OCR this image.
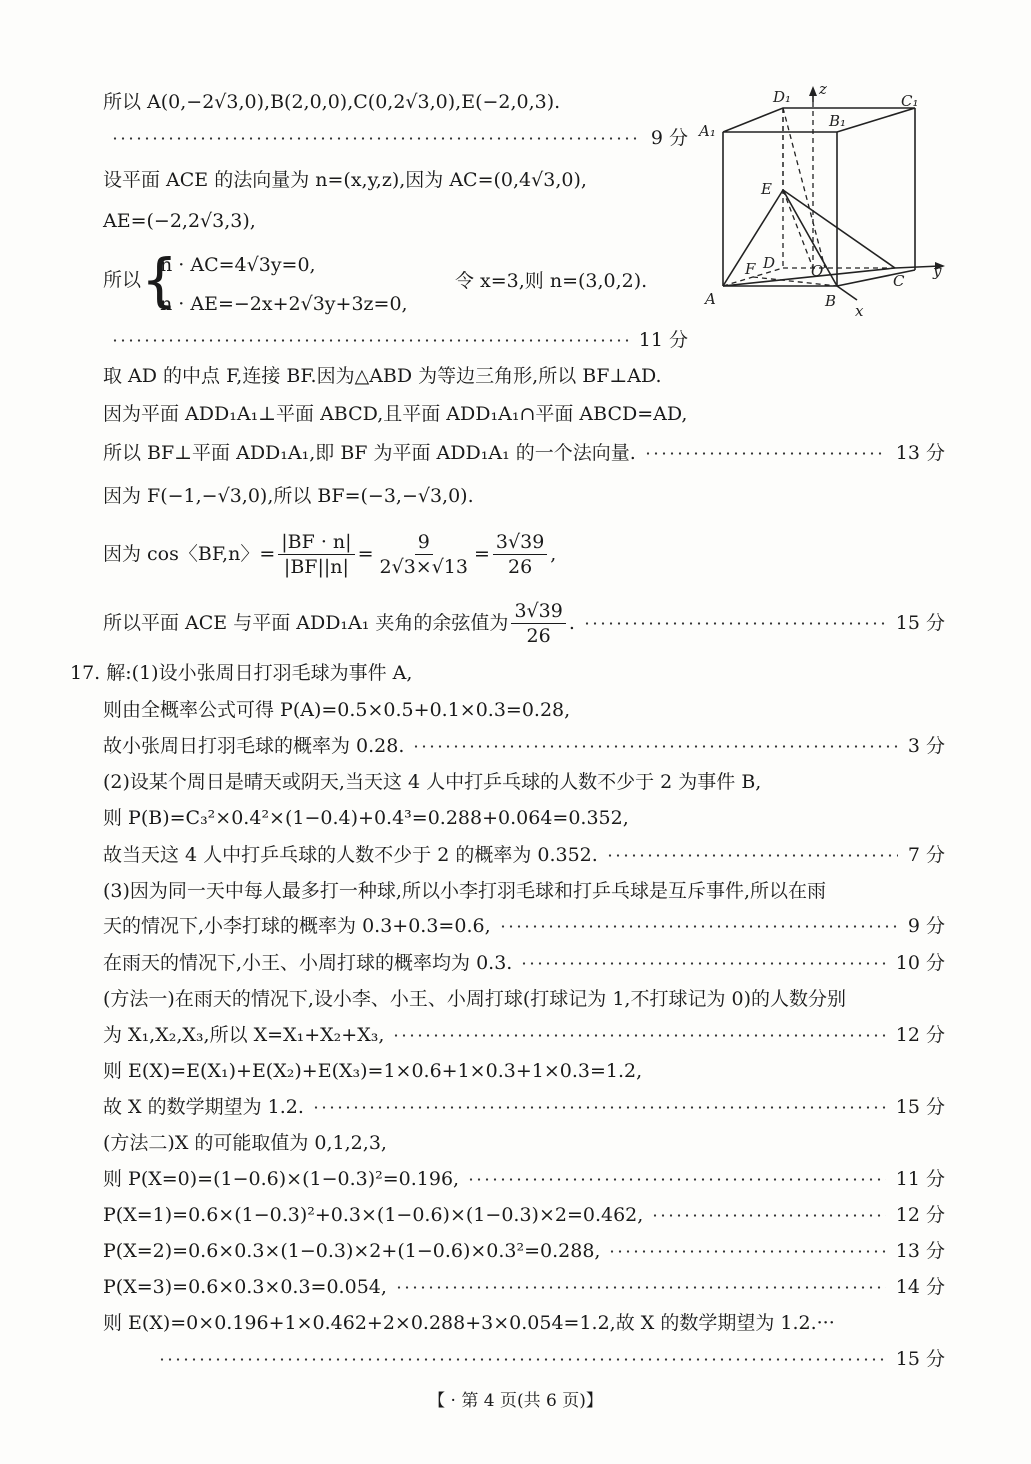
D₁ z
C₁
B₁
A₁
E
F D O
C
y
A	B
x
所以 A(0,−2√3,0),B(2,0,0),C(0,2√3,0),E(−2,0,3).
9 分
设平面 ACE 的法向量为 n=(x,y,z),因为 AC=(0,4√3,0),
AE=(−2,2√3,3),
所以 {
n · AC=4√3y=0,
n · AE=−2x+2√3y+3z=0,
令 x=3,则 n=(3,0,2).
11 分
取 AD 的中点 F,连接 BF.因为△ABD 为等边三角形,所以 BF⊥AD.
因为平面 ADD₁A₁⊥平面 ABCD,且平面 ADD₁A₁∩平面 ABCD=AD,
所以 BF⊥平面 ADD₁A₁,即 BF 为平面 ADD₁A₁ 的一个法向量.	13 分
因为 F(−1,−√3,0),所以 BF=(−3,−√3,0).
因为 cos〈BF,n〉= $\frac{|BF \cdot n|}{|BF||n|} = \frac{9}{2√3\times√13} = \frac{3√39}{26}$ ,
所以平面 ACE 与平面 ADD₁A₁ 夹角的余弦值为 $\frac{3√39}{26}$ .	15 分
17. 解:(1)设小张周日打羽毛球为事件 A,
则由全概率公式可得 P(A)=0.5×0.5+0.1×0.3=0.28,
故小张周日打羽毛球的概率为 0.28.	3 分
(2)设某个周日是晴天或阴天,当天这 4 人中打乒乓球的人数不少于 2 为事件 B,
则 P(B)=C₃²×0.4²×(1−0.4)+0.4³=0.288+0.064=0.352,
故当天这 4 人中打乒乓球的人数不少于 2 的概率为 0.352.	7 分
(3)因为同一天中每人最多打一种球,所以小李打羽毛球和打乒乓球是互斥事件,所以在雨
天的情况下,小李打球的概率为 0.3+0.3=0.6,	9 分
在雨天的情况下,小王、小周打球的概率均为 0.3.	10 分
(方法一)在雨天的情况下,设小李、小王、小周打球(打球记为 1,不打球记为 0)的人数分别
为 X₁,X₂,X₃,所以 X=X₁+X₂+X₃,	12 分
则 E(X)=E(X₁)+E(X₂)+E(X₃)=1×0.6+1×0.3+1×0.3=1.2,
故 X 的数学期望为 1.2.	15 分
(方法二)X 的可能取值为 0,1,2,3,
则 P(X=0)=(1−0.6)×(1−0.3)²=0.196,	11 分
P(X=1)=0.6×(1−0.3)²+0.3×(1−0.6)×(1−0.3)×2=0.462,	12 分
P(X=2)=0.6×0.3×(1−0.3)×2+(1−0.6)×0.3²=0.288,	13 分
P(X=3)=0.6×0.3×0.3=0.054,	14 分
则 E(X)=0×0.196+1×0.462+2×0.288+3×0.054=1.2,故 X 的数学期望为 1.2.···
15 分
【 · 第 4 页(共 6 页)】
